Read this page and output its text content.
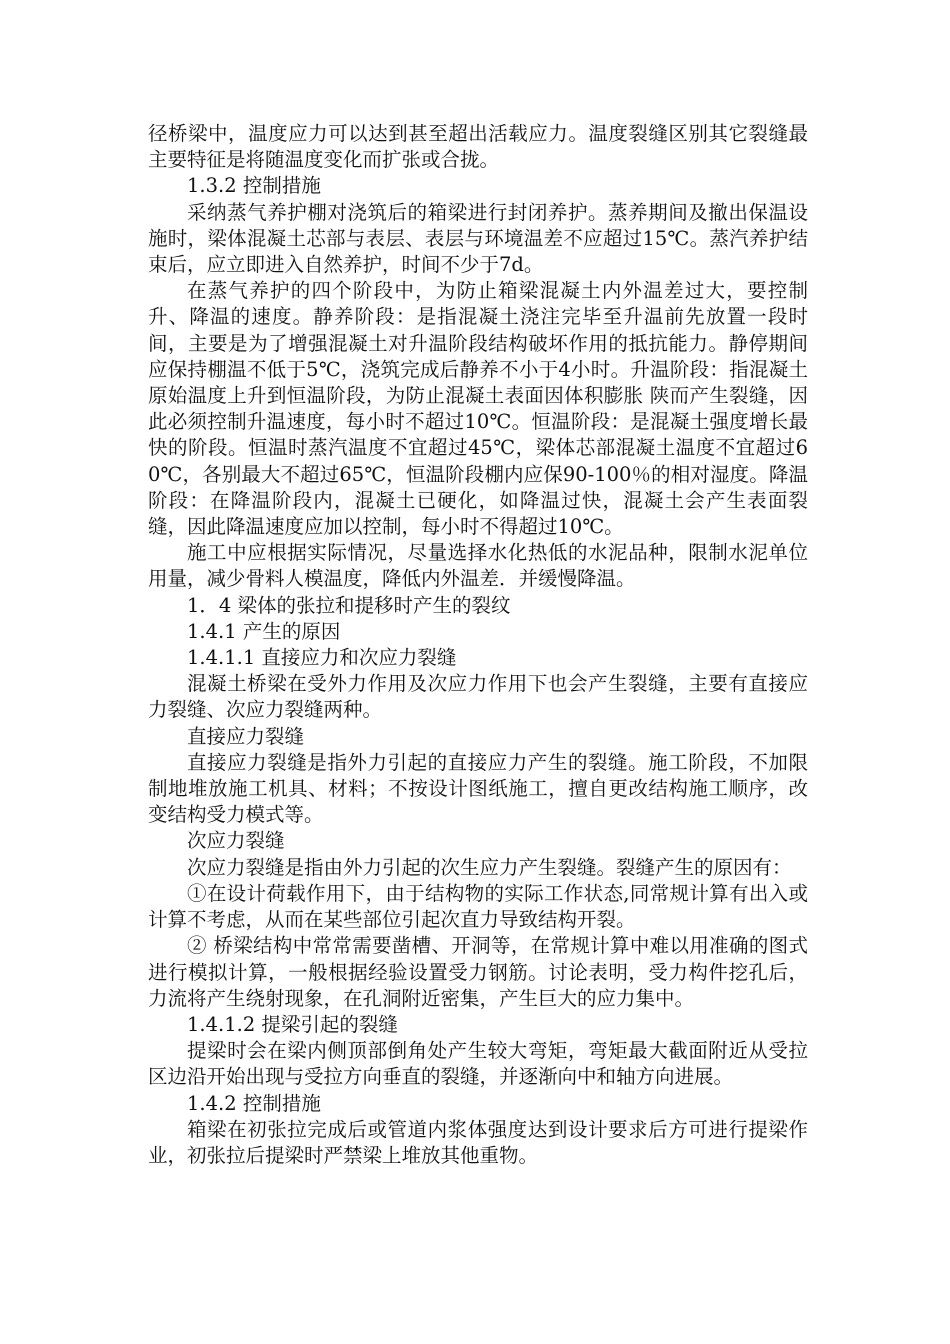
径桥梁中，温度应力可以达到甚至超出活载应力。温度裂缝区别其它裂缝最主要特征是将随温度变化而扩张或合拢。

1.3.2 控制措施

采纳蒸气养护棚对浇筑后的箱梁进行封闭养护。蒸养期间及撤出保温设施时，梁体混凝土芯部与表层、表层与环境温差不应超过15℃。蒸汽养护结束后，应立即进入自然养护，时间不少于7d。

在蒸气养护的四个阶段中，为防止箱梁混凝土内外温差过大，要控制升、降温的速度。静养阶段：是指混凝土浇注完毕至升温前先放置一段时间，主要是为了增强混凝土对升温阶段结构破坏作用的抵抗能力。静停期间应保持棚温不低于5℃，浇筑完成后静养不小于4小时。升温阶段：指混凝土原始温度上升到恒温阶段，为防止混凝土表面因体积膨胀 陕而产生裂缝，因此必须控制升温速度，每小时不超过10℃。恒温阶段：是混凝土强度增长最快的阶段。恒温时蒸汽温度不宜超过45℃，梁体芯部混凝土温度不宜超过60℃，各别最大不超过65℃，恒温阶段棚内应保90-100％的相对湿度。降温阶段：在降温阶段内，混凝土已硬化，如降温过快，混凝土会产生表面裂缝，因此降温速度应加以控制，每小时不得超过10℃。

施工中应根据实际情况，尽量选择水化热低的水泥品种，限制水泥单位用量，减少骨料人模温度，降低内外温差．并缓慢降温。

1．4 梁体的张拉和提移时产生的裂纹

1.4.1 产生的原因

1.4.1.1 直接应力和次应力裂缝

混凝土桥梁在受外力作用及次应力作用下也会产生裂缝，主要有直接应力裂缝、次应力裂缝两种。

直接应力裂缝

直接应力裂缝是指外力引起的直接应力产生的裂缝。施工阶段，不加限制地堆放施工机具、材料；不按设计图纸施工，擅自更改结构施工顺序，改变结构受力模式等。

次应力裂缝

次应力裂缝是指由外力引起的次生应力产生裂缝。裂缝产生的原因有：

①在设计荷载作用下，由于结构物的实际工作状态,同常规计算有出入或计算不考虑，从而在某些部位引起次直力导致结构开裂。

② 桥梁结构中常常需要凿槽、开洞等，在常规计算中难以用准确的图式进行模拟计算，一般根据经验设置受力钢筋。讨论表明，受力构件挖孔后，力流将产生绕射现象，在孔洞附近密集，产生巨大的应力集中。

1.4.1.2 提梁引起的裂缝

提梁时会在梁内侧顶部倒角处产生较大弯矩，弯矩最大截面附近从受拉区边沿开始出现与受拉方向垂直的裂缝，并逐渐向中和轴方向进展。

1.4.2 控制措施

箱梁在初张拉完成后或管道内浆体强度达到设计要求后方可进行提梁作业，初张拉后提梁时严禁梁上堆放其他重物。
